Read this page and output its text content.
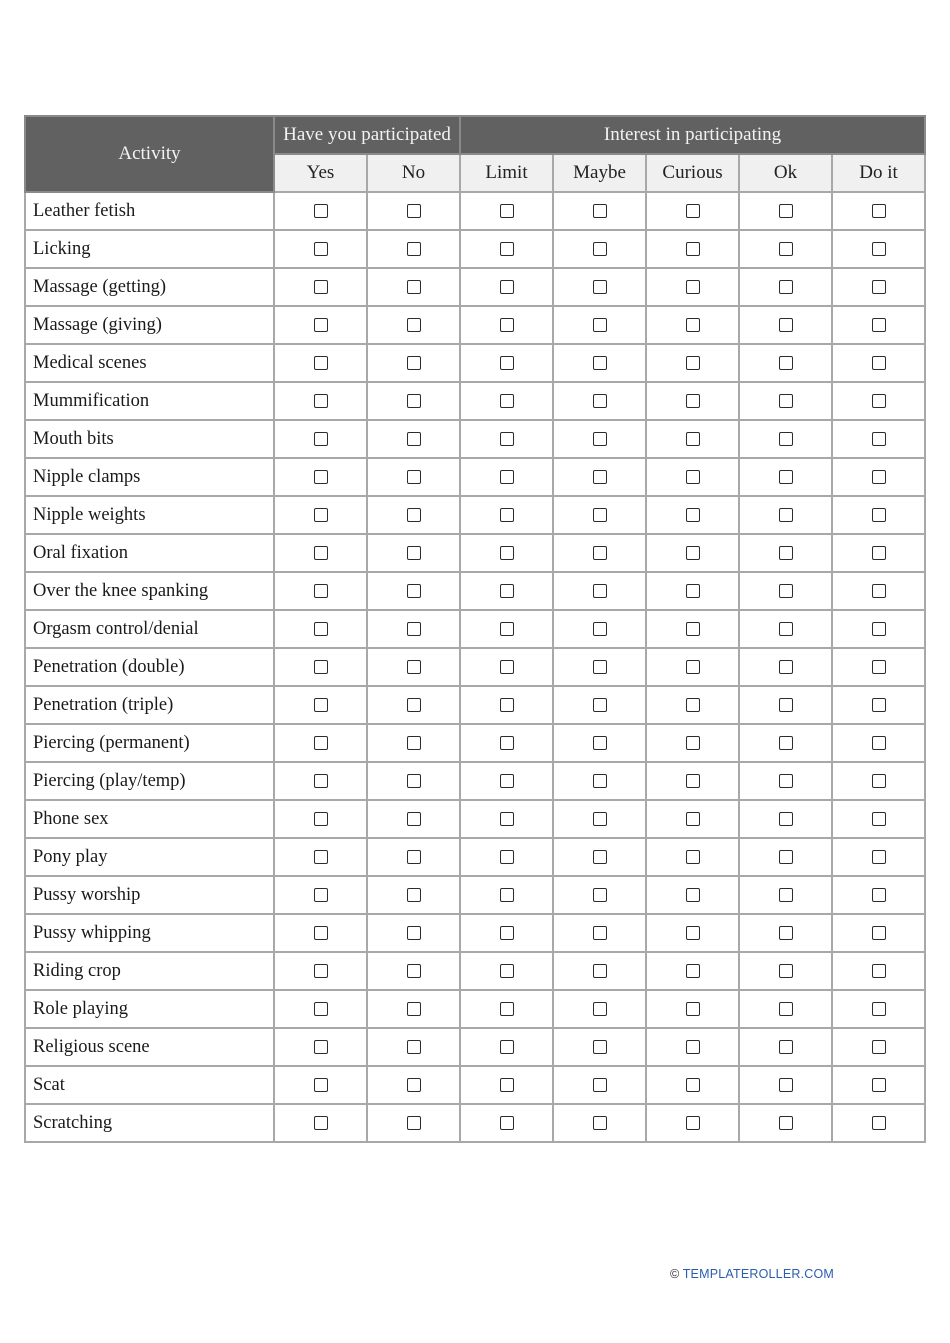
Activity	Have you participated		Interest in participating				
	Yes	No	Limit	Maybe	Curious	Ok	Do it
Leather fetish							
Licking							
Massage (getting)							
Massage (giving)							
Medical scenes							
Mummification							
Mouth bits							
Nipple clamps							
Nipple weights							
Oral fixation							
Over the knee spanking							
Orgasm control/denial							
Penetration (double)							
Penetration (triple)							
Piercing (permanent)							
Piercing (play/temp)							
Phone sex							
Pony play							
Pussy worship							
Pussy whipping							
Riding crop							
Role playing							
Religious scene							
Scat							
Scratching							
© TEMPLATEROLLER.COM
